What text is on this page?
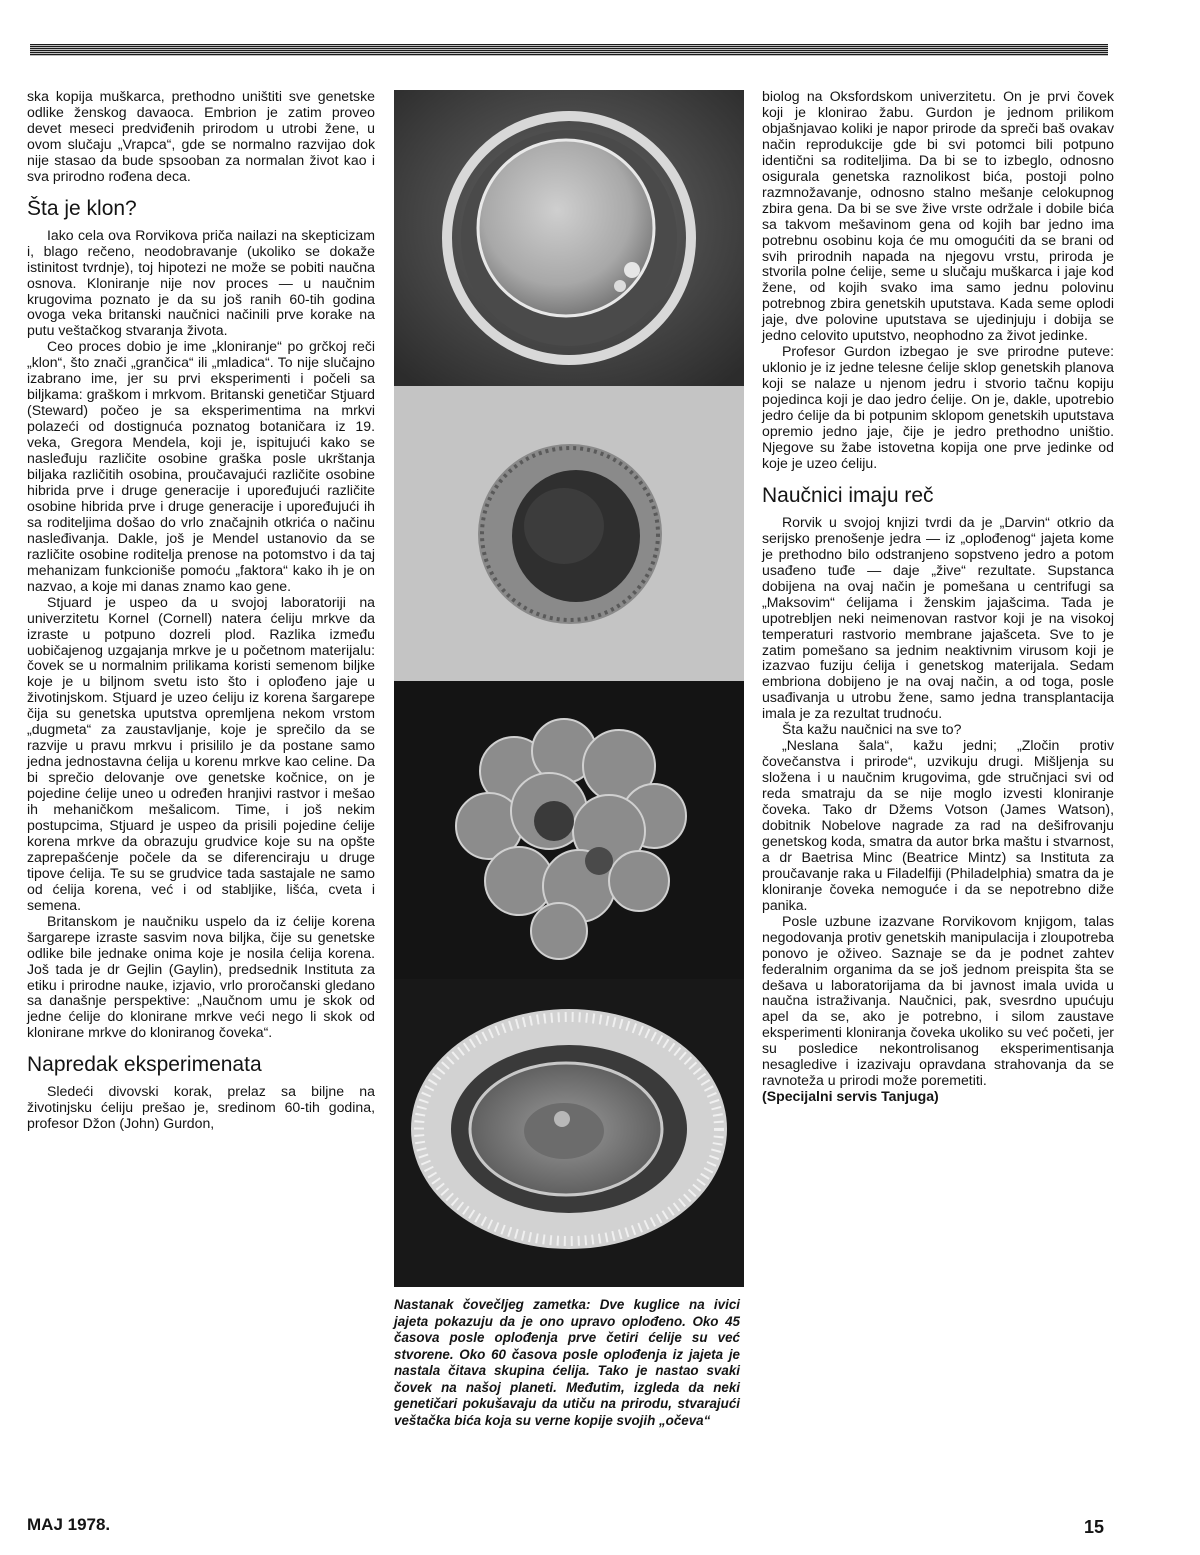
ska kopija muškarca, prethodno uništiti sve genetske odlike ženskog davaoca. Embrion je zatim proveo devet meseci predviđenih prirodom u utrobi žene, u ovom slučaju „Vrapca“, gde se normalno razvijao dok nije stasao da bude spsooban za normalan život kao i sva prirodno rođena deca.

Šta je klon?

Iako cela ova Rorvikova priča nailazi na skepticizam i, blago rečeno, neodobravanje (ukoliko se dokaže istinitost tvrdnje), toj hipotezi ne može se pobiti naučna osnova. Kloniranje nije nov proces — u naučnim krugovima poznato je da su još ranih 60-tih godina ovoga veka britanski naučnici načinili prve korake na putu veštačkog stvaranja života.

Ceo proces dobio je ime „kloniranje“ po grčkoj reči „klon“, što znači „grančica“ ili „mladica“. To nije slučajno izabrano ime, jer su prvi eksperimenti i počeli sa biljkama: graškom i mrkvom. Britanski genetičar Stjuard (Steward) počeo je sa eksperimentima na mrkvi polazeći od dostignuća poznatog botaničara iz 19. veka, Gregora Mendela, koji je, ispitujući kako se nasleđuju različite osobine graška posle ukrštanja biljaka različitih osobina, proučavajući različite osobine hibrida prve i druge generacije i upoređujući različite osobine hibrida prve i druge generacije i upoređujući ih sa roditeljima došao do vrlo značajnih otkrića o načinu nasleđivanja. Dakle, još je Mendel ustanovio da se različite osobine roditelja prenose na potomstvo i da taj mehanizam funkcioniše pomoću „faktora“ kako ih je on nazvao, a koje mi danas znamo kao gene.

Stjuard je uspeo da u svojoj laboratoriji na univerzitetu Kornel (Cornell) natera ćeliju mrkve da izraste u potpuno dozreli plod. Razlika između uobičajenog uzgajanja mrkve je u početnom materijalu: čovek se u normalnim prilikama koristi semenom biljke koje je u biljnom svetu isto što i oplođeno jaje u životinjskom. Stjuard je uzeo ćeliju iz korena šargarepe čija su genetska uputstva opremljena nekom vrstom „dugmeta“ za zaustavljanje, koje je sprečilo da se razvije u pravu mrkvu i prisililo je da postane samo jedna jednostavna ćelija u korenu mrkve kao celine. Da bi sprečio delovanje ove genetske kočnice, on je pojedine ćelije uneo u određen hranjivi rastvor i mešao ih mehaničkom mešalicom. Time, i još nekim postupcima, Stjuard je uspeo da prisili pojedine ćelije korena mrkve da obrazuju grudvice koje su na opšte zaprepašćenje počele da se diferenciraju u druge tipove ćelija. Te su se grudvice tada sastajale ne samo od ćelija korena, već i od stabljike, lišća, cveta i semena.

Britanskom je naučniku uspelo da iz ćelije korena šargarepe izraste sasvim nova biljka, čije su genetske odlike bile jednake onima koje je nosila ćelija korena. Još tada je dr Gejlin (Gaylin), predsednik Instituta za etiku i prirodne nauke, izjavio, vrlo proročanski gledano sa današnje perspektive: „Naučnom umu je skok od jedne ćelije do klonirane mrkve veći nego li skok od klonirane mrkve do kloniranog čoveka“.

Napredak eksperimenata

Sledeći divovski korak, prelaz sa biljne na životinjsku ćeliju prešao je, sredinom 60-tih godina, profesor Džon (John) Gurdon,

Nastanak čovečljeg zametka: Dve kuglice na ivici jajeta pokazuju da je ono upravo oplođeno. Oko 45 časova posle oplođenja prve četiri ćelije su već stvorene. Oko 60 časova posle oplođenja iz jajeta je nastala čitava skupina ćelija. Tako je nastao svaki čovek na našoj planeti. Međutim, izgleda da neki genetičari pokušavaju da utiču na prirodu, stvarajući veštačka bića koja su verne kopije svojih „očeva“

biolog na Oksfordskom univerzitetu. On je prvi čovek koji je klonirao žabu. Gurdon je jednom prilikom objašnjavao koliki je napor prirode da spreči baš ovakav način reprodukcije gde bi svi potomci bili potpuno identični sa roditeljima. Da bi se to izbeglo, odnosno osigurala genetska raznolikost bića, postoji polno razmnožavanje, odnosno stalno mešanje celokupnog zbira gena. Da bi se sve žive vrste održale i dobile bića sa takvom mešavinom gena od kojih bar jedno ima potrebnu osobinu koja će mu omogućiti da se brani od svih prirodnih napada na njegovu vrstu, priroda je stvorila polne ćelije, seme u slučaju muškarca i jaje kod žene, od kojih svako ima samo jednu polovinu potrebnog zbira genetskih uputstava. Kada seme oplodi jaje, dve polovine uputstava se ujedinjuju i dobija se jedno celovito uputstvo, neophodno za život jedinke.

Profesor Gurdon izbegao je sve prirodne puteve: uklonio je iz jedne telesne ćelije sklop genetskih planova koji se nalaze u njenom jedru i stvorio tačnu kopiju pojedinca koji je dao jedro ćelije. On je, dakle, upotrebio jedro ćelije da bi potpunim sklopom genetskih uputstava opremio jedno jaje, čije je jedro prethodno uništio. Njegove su žabe istovetna kopija one prve jedinke od koje je uzeo ćeliju.

Naučnici imaju reč

Rorvik u svojoj knjizi tvrdi da je „Darvin“ otkrio da serijsko prenošenje jedra — iz „oplođenog“ jajeta kome je prethodno bilo odstranjeno sopstveno jedro a potom usađeno tuđe — daje „žive“ rezultate. Supstanca dobijena na ovaj način je pomešana u centrifugi sa „Maksovim“ ćelijama i ženskim jajašcima. Tada je upotrebljen neki neimenovan rastvor koji je na visokoj temperaturi rastvorio membrane jajašceta. Sve to je zatim pomešano sa jednim neaktivnim virusom koji je izazvao fuziju ćelija i genetskog materijala. Sedam embriona dobijeno je na ovaj način, a od toga, posle usađivanja u utrobu žene, samo jedna transplantacija imala je za rezultat trudnoću.

Šta kažu naučnici na sve to?

„Neslana šala“, kažu jedni; „Zločin protiv čovečanstva i prirode“, uzvikuju drugi. Mišljenja su složena i u naučnim krugovima, gde stručnjaci svi od reda smatraju da se nije moglo izvesti kloniranje čoveka. Tako dr Džems Votson (James Watson), dobitnik Nobelove nagrade za rad na dešifrovanju genetskog koda, smatra da autor brka maštu i stvarnost, a dr Baetrisa Minc (Beatrice Mintz) sa Instituta za proučavanje raka u Filadelfiji (Philadelphia) smatra da je kloniranje čoveka nemoguće i da se nepotrebno diže panika.

Posle uzbune izazvane Rorvikovom knjigom, talas negodovanja protiv genetskih manipulacija i zloupotreba ponovo je oživeo. Saznaje se da je podnet zahtev federalnim organima da se još jednom preispita šta se dešava u laboratorijama da bi javnost imala uvida u naučna istraživanja. Naučnici, pak, svesrdno upućuju apel da se, ako je potrebno, i silom zaustave eksperimenti kloniranja čoveka ukoliko su već početi, jer su posledice nekontrolisanog eksperimentisanja nesagledive i izazivaju opravdana strahovanja da se ravnoteža u prirodi može poremetiti.

(Specijalni servis Tanjuga)

MAJ 1978.	15
